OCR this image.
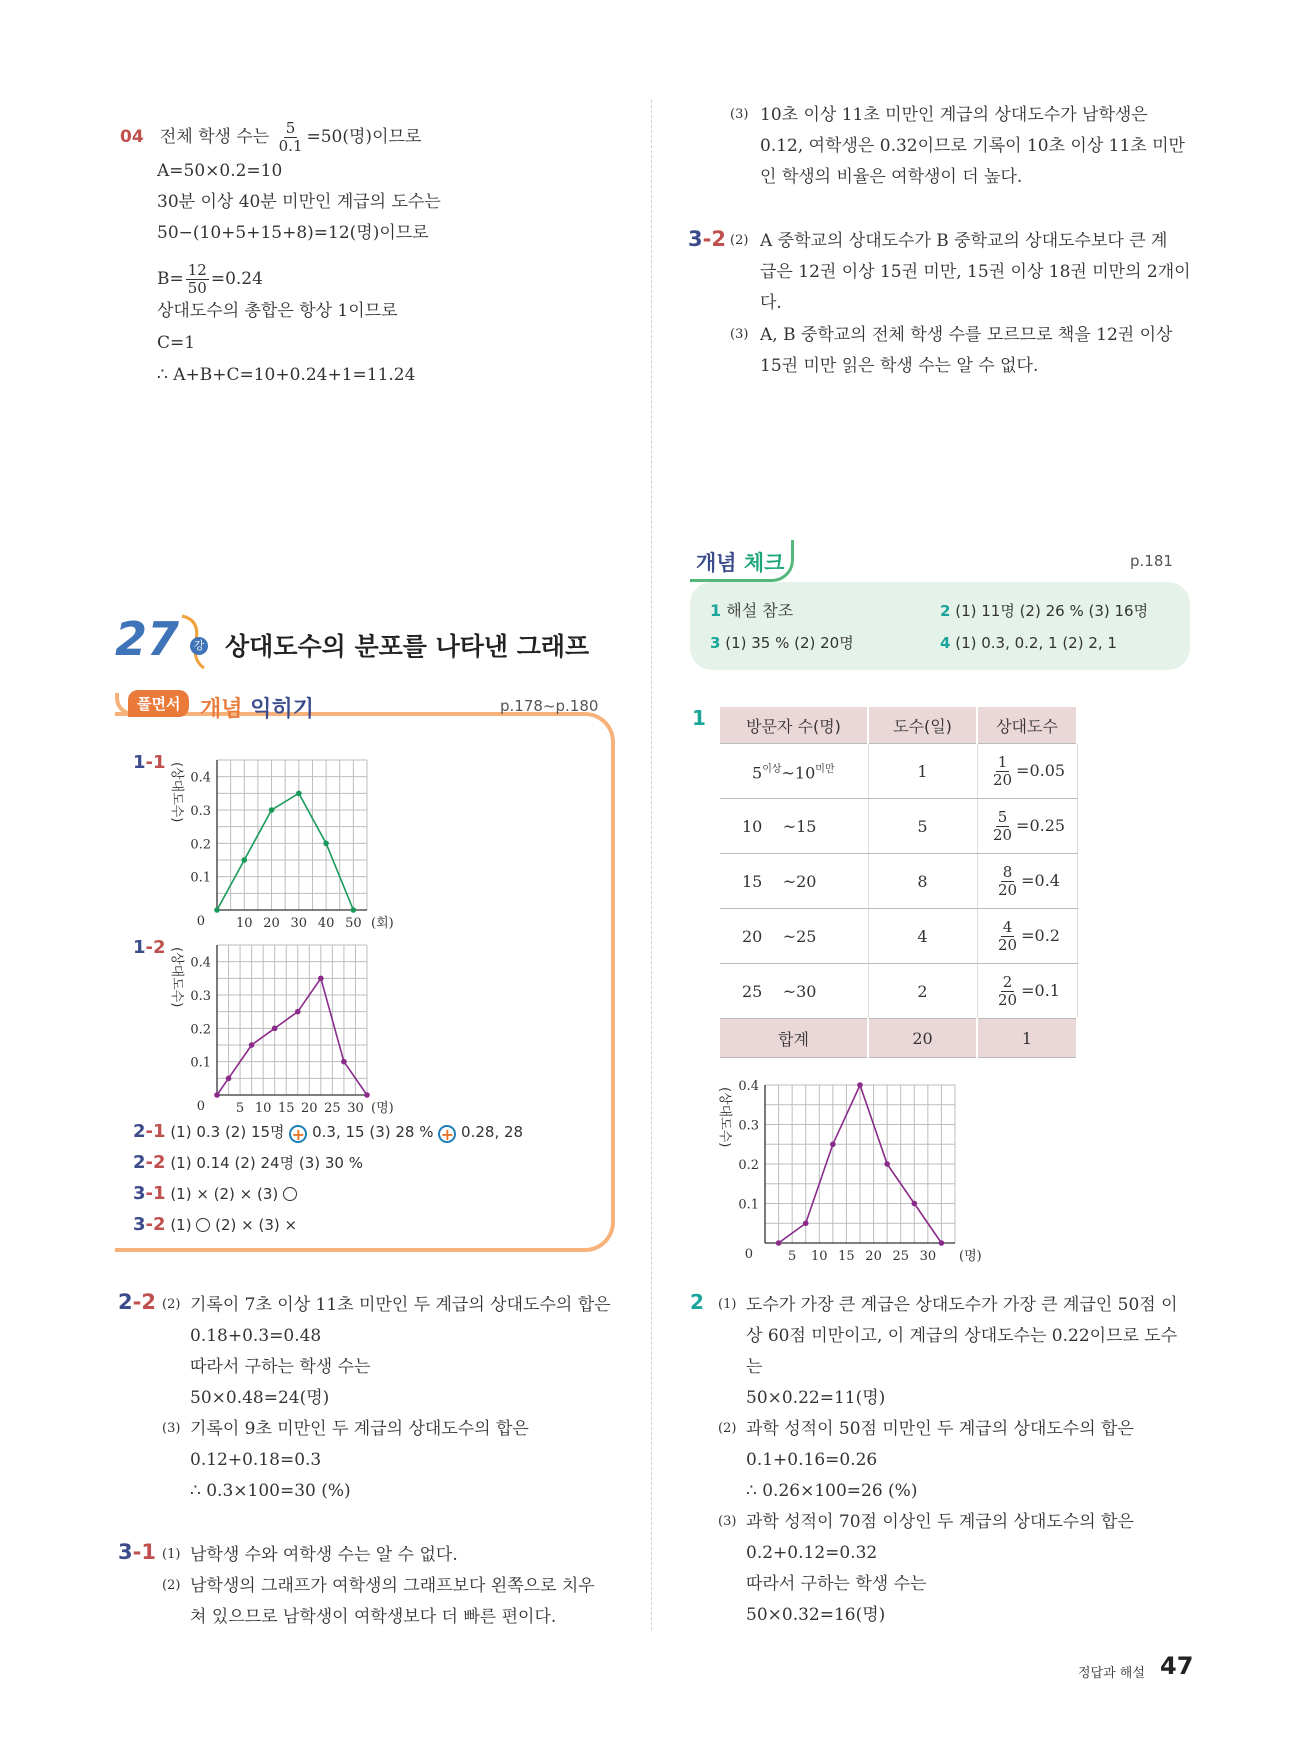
04 전체 학생 수는 $\frac{5}{0.1} =50$(명)이므로
A=50×0.2=10
30분 이상 40분 미만인 계급의 도수는
50−(10+5+15+8)=12(명)이므로
$B= \frac{12}{50} =0.24$
상대도수의 총합은 항상 1이므로
C=1
∴ A+B+C=10+0.24+1=11.24
(3) 10초 이상 11초 미만인 계급의 상대도수가 남학생은
0.12, 여학생은 0.32이므로 기록이 10초 이상 11초 미만
인 학생의 비율은 여학생이 더 높다.
3-2 (2) A 중학교의 상대도수가 B 중학교의 상대도수보다 큰 계
급은 12권 이상 15권 미만, 15권 이상 18권 미만의 2개이
다.
(3) A, B 중학교의 전체 학생 수를 모르므로 책을 12권 이상
15권 미만 읽은 학생 수는 알 수 없다.
27	강 상대도수의 분포를 나타낸 그래프
풀면서 개념 익히기	p.178~p.180
1-1
1-2
0.1
0.2
0.3
0.4
10 20 30 40 50
0	(회)
(상대도수)
0.1
0.2
0.3
0.4
5 10 15 20 25 30
0	(명)
(상대도수)
2-1 (1) 0.3 (2) 15명 + 0.3, 15 (3) 28 % + 0.28, 28
2-2 (1) 0.14 (2) 24명 (3) 30 %
3-1 (1) × (2) × (3)
3-2 (1) ○ (2) × (3) ×
개념 체크	p.181
1 해설 참조	2 (1) 11명 (2) 26 % (3) 16명
3 (1) 35 % (2) 20명	4 (1) 0.3, 0.2, 1 (2) 2, 1
1	방문자 수(명)	도수(일)	상대도수
$5^{이상}\sim 10^{미만}$	1	$\frac{1}{20} =0.05$
10 ~15	5	$\frac{5}{20} =0.25$
15 ~20	8	$\frac{8}{20} =0.4$
20 ~25	4	$\frac{4}{20} =0.2$
25 ~30	2	$\frac{2}{20} =0.1$
합계	20	1
0.1
0.2
0.3
0.4
5 10 15 20 25 30
0	(명)
(상대도수)
2-2 (2) 기록이 7초 이상 11초 미만인 두 계급의 상대도수의 합은
0.18+0.3=0.48
따라서 구하는 학생 수는
50×0.48=24(명)
(3) 기록이 9초 미만인 두 계급의 상대도수의 합은
0.12+0.18=0.3
∴ 0.3×100=30 (%)
3-1 (1) 남학생 수와 여학생 수는 알 수 없다.
(2) 남학생의 그래프가 여학생의 그래프보다 왼쪽으로 치우
쳐 있으므로 남학생이 여학생보다 더 빠른 편이다.
2 (1) 도수가 가장 큰 계급은 상대도수가 가장 큰 계급인 50점 이
상 60점 미만이고, 이 계급의 상대도수는 0.22이므로 도수
는
50×0.22=11(명)
(2) 과학 성적이 50점 미만인 두 계급의 상대도수의 합은
0.1+0.16=0.26
∴ 0.26×100=26 (%)
(3) 과학 성적이 70점 이상인 두 계급의 상대도수의 합은
0.2+0.12=0.32
따라서 구하는 학생 수는
50×0.32=16(명)
정답과 해설 47
